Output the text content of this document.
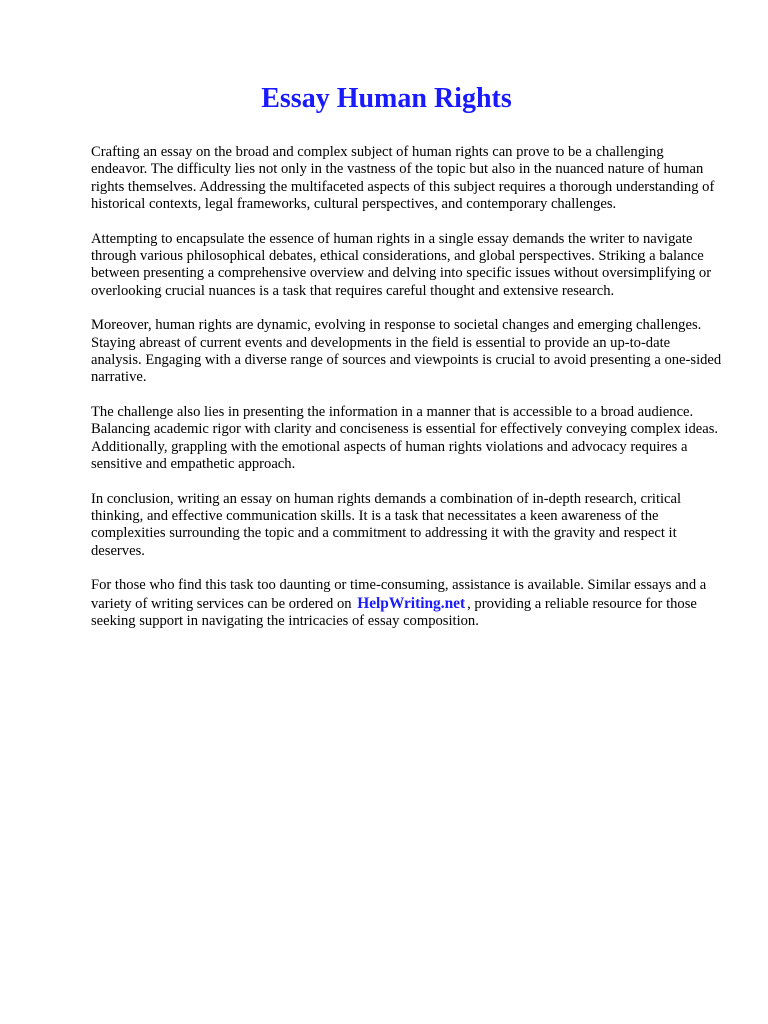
Essay Human Rights

Crafting an essay on the broad and complex subject of human rights can prove to be a challenging endeavor. The difficulty lies not only in the vastness of the topic but also in the nuanced nature of human rights themselves. Addressing the multifaceted aspects of this subject requires a thorough understanding of historical contexts, legal frameworks, cultural perspectives, and contemporary challenges.

Attempting to encapsulate the essence of human rights in a single essay demands the writer to navigate through various philosophical debates, ethical considerations, and global perspectives. Striking a balance between presenting a comprehensive overview and delving into specific issues without oversimplifying or overlooking crucial nuances is a task that requires careful thought and extensive research.

Moreover, human rights are dynamic, evolving in response to societal changes and emerging challenges. Staying abreast of current events and developments in the field is essential to provide an up-to-date analysis. Engaging with a diverse range of sources and viewpoints is crucial to avoid presenting a one-sided narrative.

The challenge also lies in presenting the information in a manner that is accessible to a broad audience. Balancing academic rigor with clarity and conciseness is essential for effectively conveying complex ideas. Additionally, grappling with the emotional aspects of human rights violations and advocacy requires a sensitive and empathetic approach.

In conclusion, writing an essay on human rights demands a combination of in-depth research, critical thinking, and effective communication skills. It is a task that necessitates a keen awareness of the complexities surrounding the topic and a commitment to addressing it with the gravity and respect it deserves.

For those who find this task too daunting or time-consuming, assistance is available. Similar essays and a variety of writing services can be ordered on HelpWriting.net , providing a reliable resource for those seeking support in navigating the intricacies of essay composition.
